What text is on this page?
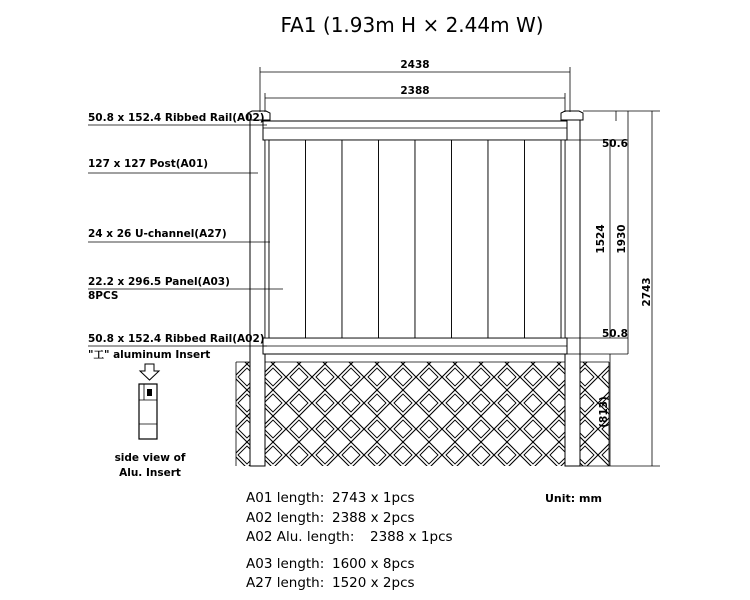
FA1 (1.93m H × 2.44m W)
2438
2388
1524 1930
2743
(813)
50.6
50.8
50.8 x 152.4 Ribbed Rail(A02)
127 x 127 Post(A01)
24 x 26 U-channel(A27)
22.2 x 296.5 Panel(A03)
8PCS
50.8 x 152.4 Ribbed Rail(A02)
"工" aluminum Insert
side view of
Alu. Insert
Unit: mm
A01 length: 2743 x 1pcs
A02 length: 2388 x 2pcs
A02 Alu. length: 2388 x 1pcs
A03 length: 1600 x 8pcs
A27 length: 1520 x 2pcs
